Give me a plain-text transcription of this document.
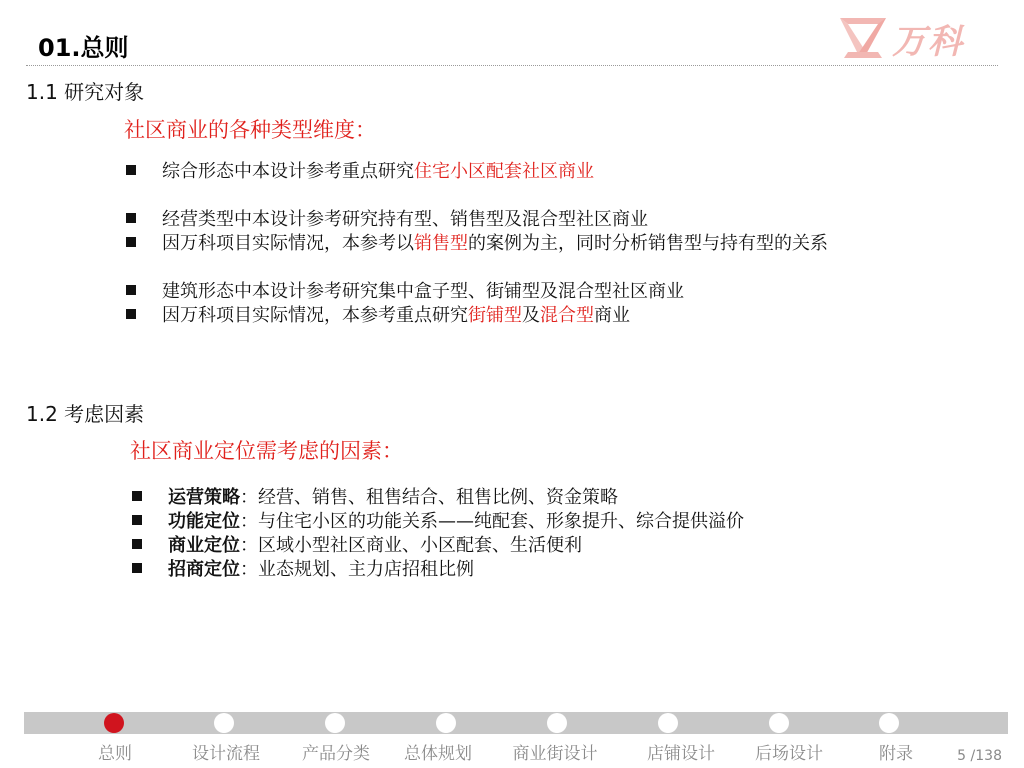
01.总则	万科
1.1 研究对象
社区商业的各种类型维度：
综合形态中本设计参考重点研究住宅小区配套社区商业
经营类型中本设计参考研究持有型、销售型及混合型社区商业
因万科项目实际情况，本参考以销售型的案例为主，同时分析销售型与持有型的关系
建筑形态中本设计参考研究集中盒子型、街铺型及混合型社区商业
因万科项目实际情况，本参考重点研究街铺型及混合型商业
1.2 考虑因素
社区商业定位需考虑的因素：
运营策略：经营、销售、租售结合、租售比例、资金策略
功能定位：与住宅小区的功能关系——纯配套、形象提升、综合提供溢价
商业定位：区域小型社区商业、小区配套、生活便利
招商定位：业态规划、主力店招租比例
总则	设计流程 产品分类 总体规划 商业街设计	店铺设计 后场设计	附录	5 /138
